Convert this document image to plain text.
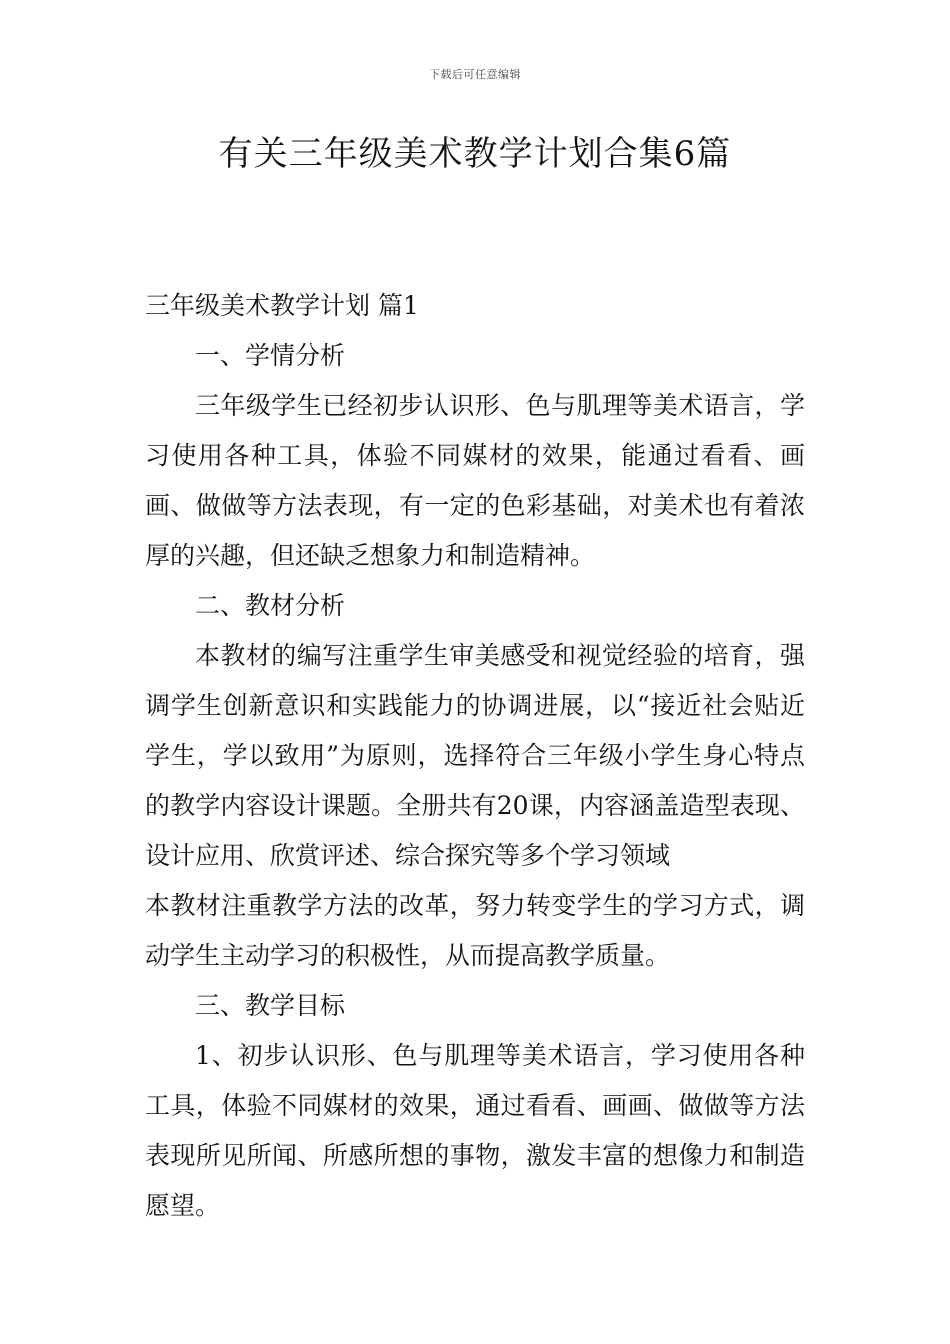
下载后可任意编辑
有关三年级美术教学计划合集6篇

三年级美术教学计划 篇1

一、学情分析

三年级学生已经初步认识形、色与肌理等美术语言，学习使用各种工具，体验不同媒材的效果，能通过看看、画画、做做等方法表现，有一定的色彩基础，对美术也有着浓厚的兴趣，但还缺乏想象力和制造精神。

二、教材分析

本教材的编写注重学生审美感受和视觉经验的培育，强调学生创新意识和实践能力的协调进展，以“接近社会贴近学生，学以致用”为原则，选择符合三年级小学生身心特点的教学内容设计课题。全册共有20课，内容涵盖造型表现、设计应用、欣赏评述、综合探究等多个学习领域

本教材注重教学方法的改革，努力转变学生的学习方式，调动学生主动学习的积极性，从而提高教学质量。

三、教学目标

1、初步认识形、色与肌理等美术语言，学习使用各种工具，体验不同媒材的效果，通过看看、画画、做做等方法表现所见所闻、所感所想的事物，激发丰富的想像力和制造愿望。
